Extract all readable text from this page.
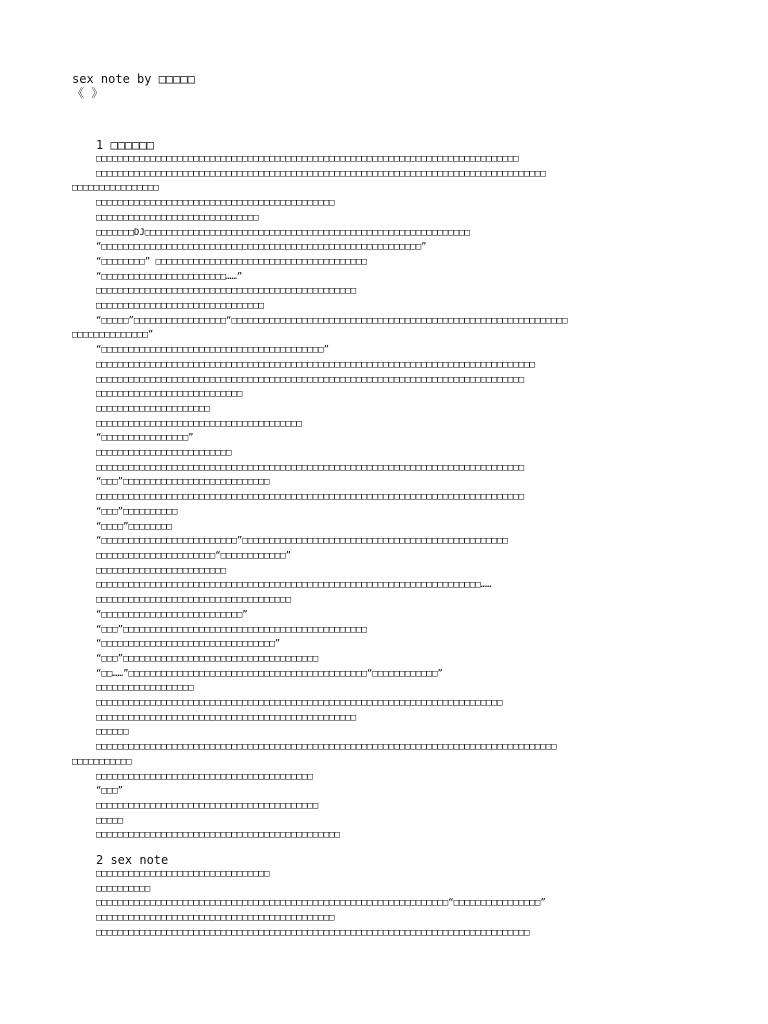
sex note by □□□□□

《 》

1 □□□□□□

□□□□□□□□□□□□□□□□□□□□□□□□□□□□□□□□□□□□□□□□□□□□□□□□□□□□□□□□□□□□□□□□□□□□□□□□□□□□□□

□□□□□□□□□□□□□□□□□□□□□□□□□□□□□□□□□□□□□□□□□□□□□□□□□□□□□□□□□□□□□□□□□□□□□□□□□□□□□□□□□□□

□□□□□□□□□□□□□□□□

□□□□□□□□□□□□□□□□□□□□□□□□□□□□□□□□□□□□□□□□□□□□

□□□□□□□□□□□□□□□□□□□□□□□□□□□□□□

□□□□□□□DJ□□□□□□□□□□□□□□□□□□□□□□□□□□□□□□□□□□□□□□□□□□□□□□□□□□□□□□□□□□□□

“□□□□□□□□□□□□□□□□□□□□□□□□□□□□□□□□□□□□□□□□□□□□□□□□□□□□□□□□□□□”

“□□□□□□□□” □□□□□□□□□□□□□□□□□□□□□□□□□□□□□□□□□□□□□□□

“□□□□□□□□□□□□□□□□□□□□□□□……”

□□□□□□□□□□□□□□□□□□□□□□□□□□□□□□□□□□□□□□□□□□□□□□□□

□□□□□□□□□□□□□□□□□□□□□□□□□□□□□□□

“□□□□□”□□□□□□□□□□□□□□□□□“□□□□□□□□□□□□□□□□□□□□□□□□□□□□□□□□□□□□□□□□□□□□□□□□□□□□□□□□□□□□□□

□□□□□□□□□□□□□□”

“□□□□□□□□□□□□□□□□□□□□□□□□□□□□□□□□□□□□□□□□□”

□□□□□□□□□□□□□□□□□□□□□□□□□□□□□□□□□□□□□□□□□□□□□□□□□□□□□□□□□□□□□□□□□□□□□□□□□□□□□□□□□

□□□□□□□□□□□□□□□□□□□□□□□□□□□□□□□□□□□□□□□□□□□□□□□□□□□□□□□□□□□□□□□□□□□□□□□□□□□□□□□

□□□□□□□□□□□□□□□□□□□□□□□□□□□

□□□□□□□□□□□□□□□□□□□□□

□□□□□□□□□□□□□□□□□□□□□□□□□□□□□□□□□□□□□□

“□□□□□□□□□□□□□□□□”

□□□□□□□□□□□□□□□□□□□□□□□□□

□□□□□□□□□□□□□□□□□□□□□□□□□□□□□□□□□□□□□□□□□□□□□□□□□□□□□□□□□□□□□□□□□□□□□□□□□□□□□□□

“□□□”□□□□□□□□□□□□□□□□□□□□□□□□□□□

□□□□□□□□□□□□□□□□□□□□□□□□□□□□□□□□□□□□□□□□□□□□□□□□□□□□□□□□□□□□□□□□□□□□□□□□□□□□□□□

“□□□”□□□□□□□□□□

“□□□□”□□□□□□□□

“□□□□□□□□□□□□□□□□□□□□□□□□□”□□□□□□□□□□□□□□□□□□□□□□□□□□□□□□□□□□□□□□□□□□□□□□□□□

□□□□□□□□□□□□□□□□□□□□□□“□□□□□□□□□□□□”

□□□□□□□□□□□□□□□□□□□□□□□□

□□□□□□□□□□□□□□□□□□□□□□□□□□□□□□□□□□□□□□□□□□□□□□□□□□□□□□□□□□□□□□□□□□□□□□□……

□□□□□□□□□□□□□□□□□□□□□□□□□□□□□□□□□□□□

“□□□□□□□□□□□□□□□□□□□□□□□□□□”

“□□□”□□□□□□□□□□□□□□□□□□□□□□□□□□□□□□□□□□□□□□□□□□□□□

“□□□□□□□□□□□□□□□□□□□□□□□□□□□□□□□□”

“□□□”□□□□□□□□□□□□□□□□□□□□□□□□□□□□□□□□□□□□

“□□……”□□□□□□□□□□□□□□□□□□□□□□□□□□□□□□□□□□□□□□□□□□□□“□□□□□□□□□□□□”

□□□□□□□□□□□□□□□□□□

□□□□□□□□□□□□□□□□□□□□□□□□□□□□□□□□□□□□□□□□□□□□□□□□□□□□□□□□□□□□□□□□□□□□□□□□□□□

□□□□□□□□□□□□□□□□□□□□□□□□□□□□□□□□□□□□□□□□□□□□□□□□

□□□□□□

□□□□□□□□□□□□□□□□□□□□□□□□□□□□□□□□□□□□□□□□□□□□□□□□□□□□□□□□□□□□□□□□□□□□□□□□□□□□□□□□□□□□□

□□□□□□□□□□□

□□□□□□□□□□□□□□□□□□□□□□□□□□□□□□□□□□□□□□□□

“□□□”

□□□□□□□□□□□□□□□□□□□□□□□□□□□□□□□□□□□□□□□□□

□□□□□

□□□□□□□□□□□□□□□□□□□□□□□□□□□□□□□□□□□□□□□□□□□□□

2 sex note

□□□□□□□□□□□□□□□□□□□□□□□□□□□□□□□□

□□□□□□□□□□

□□□□□□□□□□□□□□□□□□□□□□□□□□□□□□□□□□□□□□□□□□□□□□□□□□□□□□□□□□□□□□□□□“□□□□□□□□□□□□□□□□”

□□□□□□□□□□□□□□□□□□□□□□□□□□□□□□□□□□□□□□□□□□□□

□□□□□□□□□□□□□□□□□□□□□□□□□□□□□□□□□□□□□□□□□□□□□□□□□□□□□□□□□□□□□□□□□□□□□□□□□□□□□□□□
